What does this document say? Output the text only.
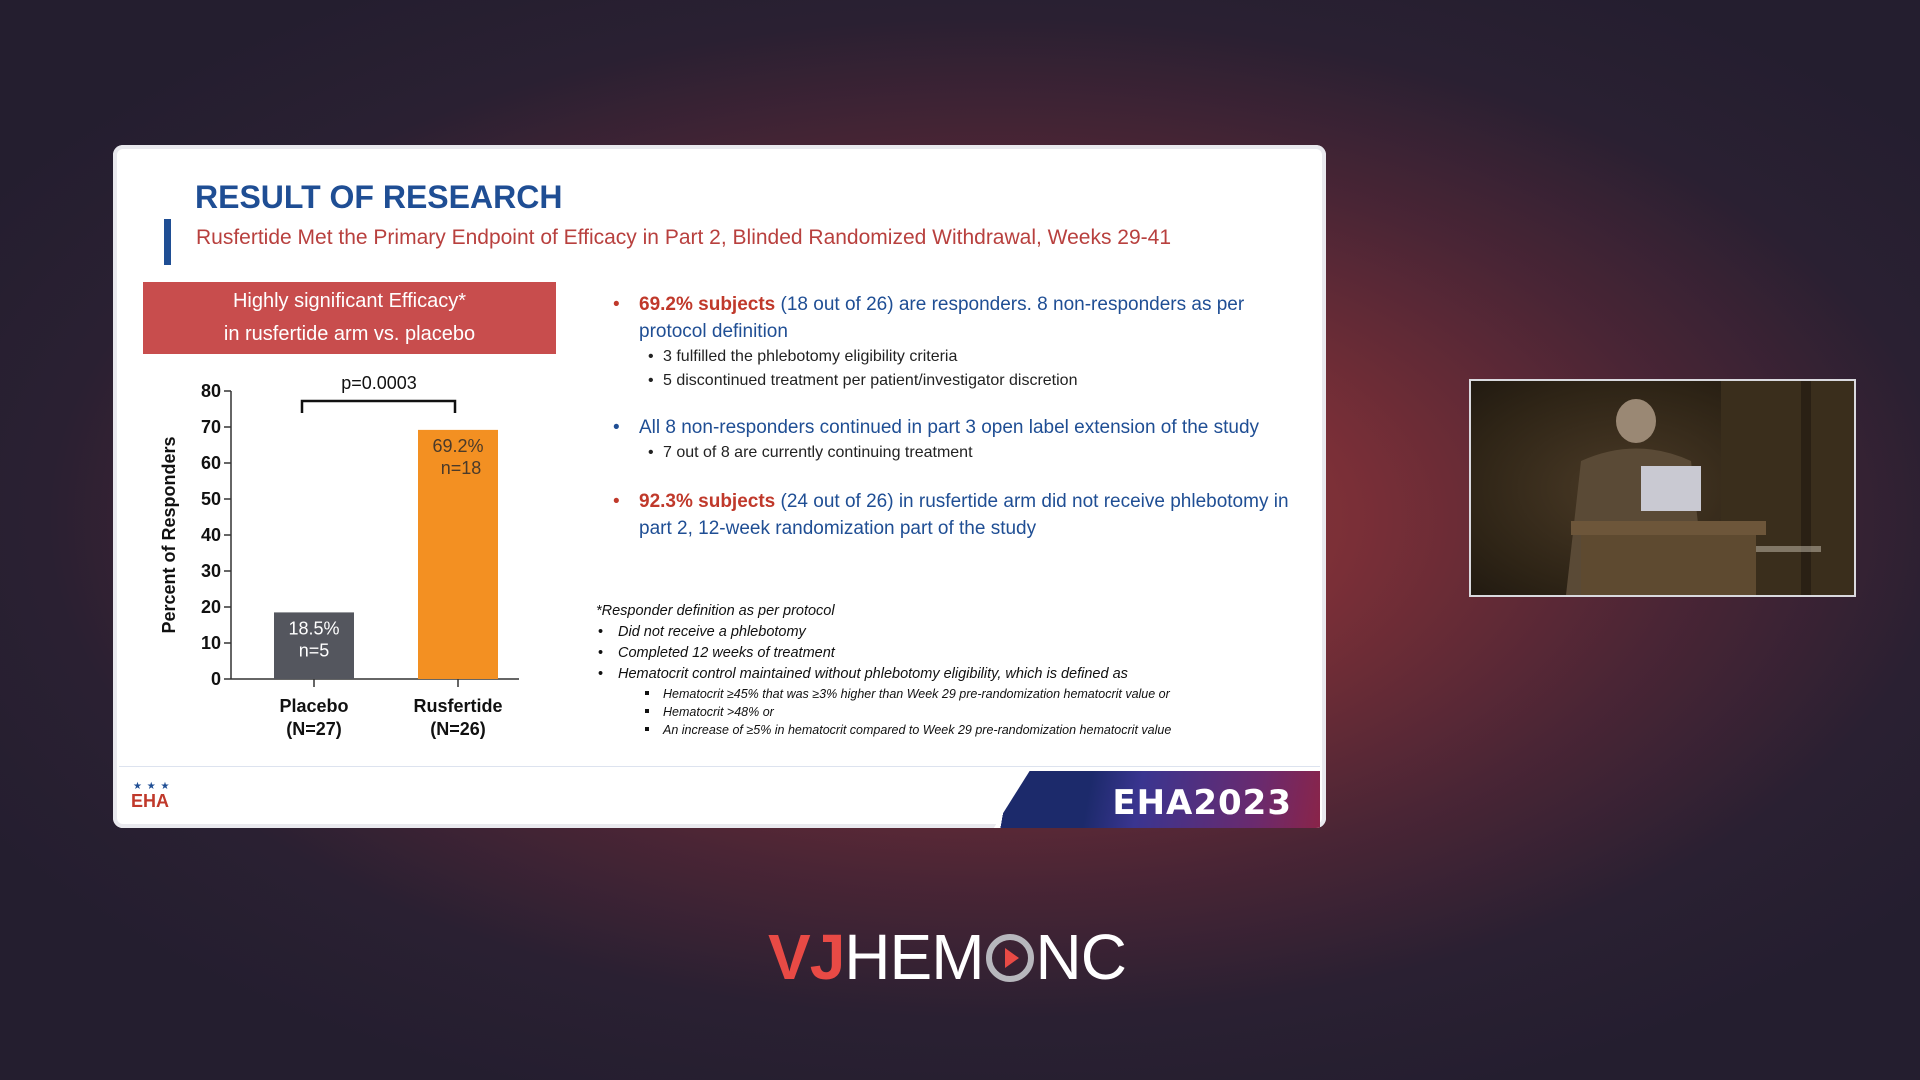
RESULT OF RESEARCH
Rusfertide Met the Primary Endpoint of Efficacy in Part 2, Blinded Randomized Withdrawal, Weeks 29-41
Highly significant Efficacy*
in rusfertide arm vs. placebo
0
10
20
30
40
50
60
70
80
Percent of Responders	18.5%
n=5
Placebo
(N=27)
69.2%
n=18
Rusfertide
(N=26)
p=0.0003
• 69.2% subjects (18 out of 26) are responders. 8 non-responders as per protocol definition
• 3 fulfilled the phlebotomy eligibility criteria
• 5 discontinued treatment per patient/investigator discretion
• All 8 non-responders continued in part 3 open label extension of the study
• 7 out of 8 are currently continuing treatment
• 92.3% subjects (24 out of 26) in rusfertide arm did not receive phlebotomy in part 2, 12-week randomization part of the study
*Responder definition as per protocol
• Did not receive a phlebotomy
• Completed 12 weeks of treatment
• Hematocrit control maintained without phlebotomy eligibility, which is defined as
Hematocrit ≥45% that was ≥3% higher than Week 29 pre-randomization hematocrit value or
Hematocrit >48% or
An increase of ≥5% in hematocrit compared to Week 29 pre-randomization hematocrit value
★ ★ ★
EHA	EHA2023
VJHEM NC
